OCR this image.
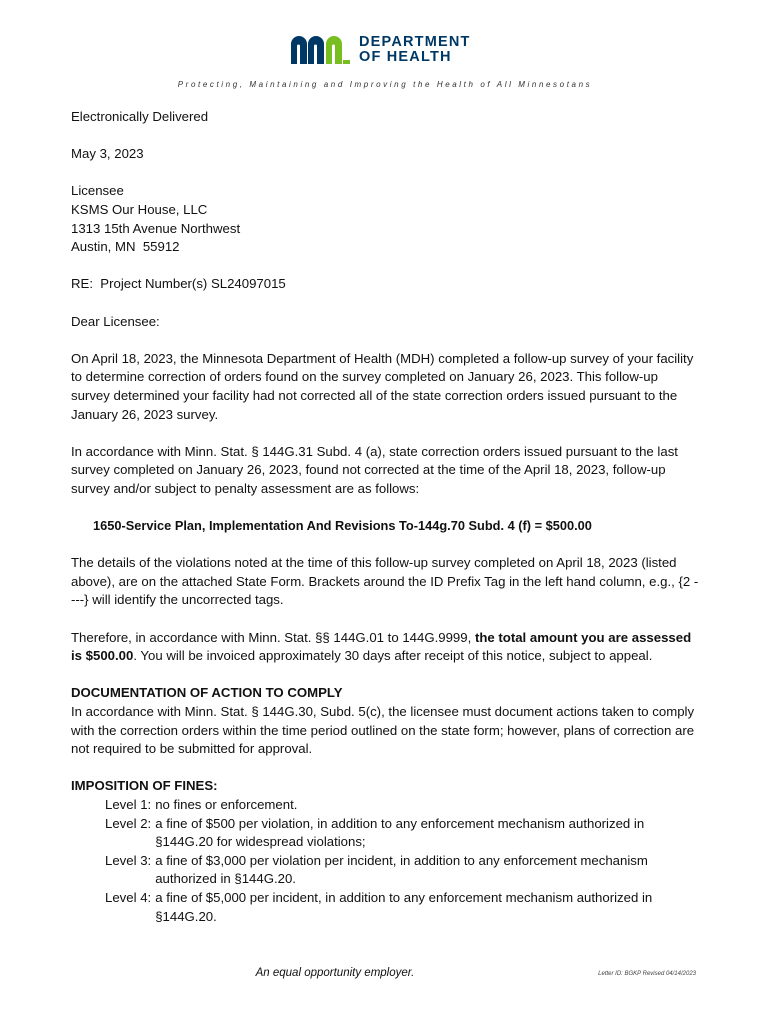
DEPARTMENT
OF HEALTH
Protecting, Maintaining and Improving the Health of All Minnesotans

Electronically Delivered

May 3, 2023

Licensee
KSMS Our House, LLC
1313 15th Avenue Northwest
Austin, MN  55912

RE:  Project Number(s) SL24097015

Dear Licensee:

On April 18, 2023, the Minnesota Department of Health (MDH) completed a follow-up survey of your facility to determine correction of orders found on the survey completed on January 26, 2023. This follow-up survey determined your facility had not corrected all of the state correction orders issued pursuant to the January 26, 2023 survey.

In accordance with Minn. Stat. § 144G.31 Subd. 4 (a), state correction orders issued pursuant to the last survey completed on January 26, 2023, found not corrected at the time of the April 18, 2023, follow-up survey and/or subject to penalty assessment are as follows:

1650-Service Plan, Implementation And Revisions To-144g.70 Subd. 4 (f) = $500.00

The details of the violations noted at the time of this follow-up survey completed on April 18, 2023 (listed above), are on the attached State Form. Brackets around the ID Prefix Tag in the left hand column, e.g., {2 ----} will identify the uncorrected tags.

Therefore, in accordance with Minn. Stat. §§ 144G.01 to 144G.9999, the total amount you are assessed is $500.00. You will be invoiced approximately 30 days after receipt of this notice, subject to appeal.

DOCUMENTATION OF ACTION TO COMPLY
In accordance with Minn. Stat. § 144G.30, Subd. 5(c), the licensee must document actions taken to comply with the correction orders within the time period outlined on the state form; however, plans of correction are not required to be submitted for approval.

IMPOSITION OF FINES:
Level 1: no fines or enforcement.
Level 2: a fine of $500 per violation, in addition to any enforcement mechanism authorized in §144G.20 for widespread violations;
Level 3: a fine of $3,000 per violation per incident, in addition to any enforcement mechanism authorized in §144G.20.
Level 4: a fine of $5,000 per incident, in addition to any enforcement mechanism authorized in §144G.20.
An equal opportunity employer.	Letter ID: BGKP Revised 04/14/2023
